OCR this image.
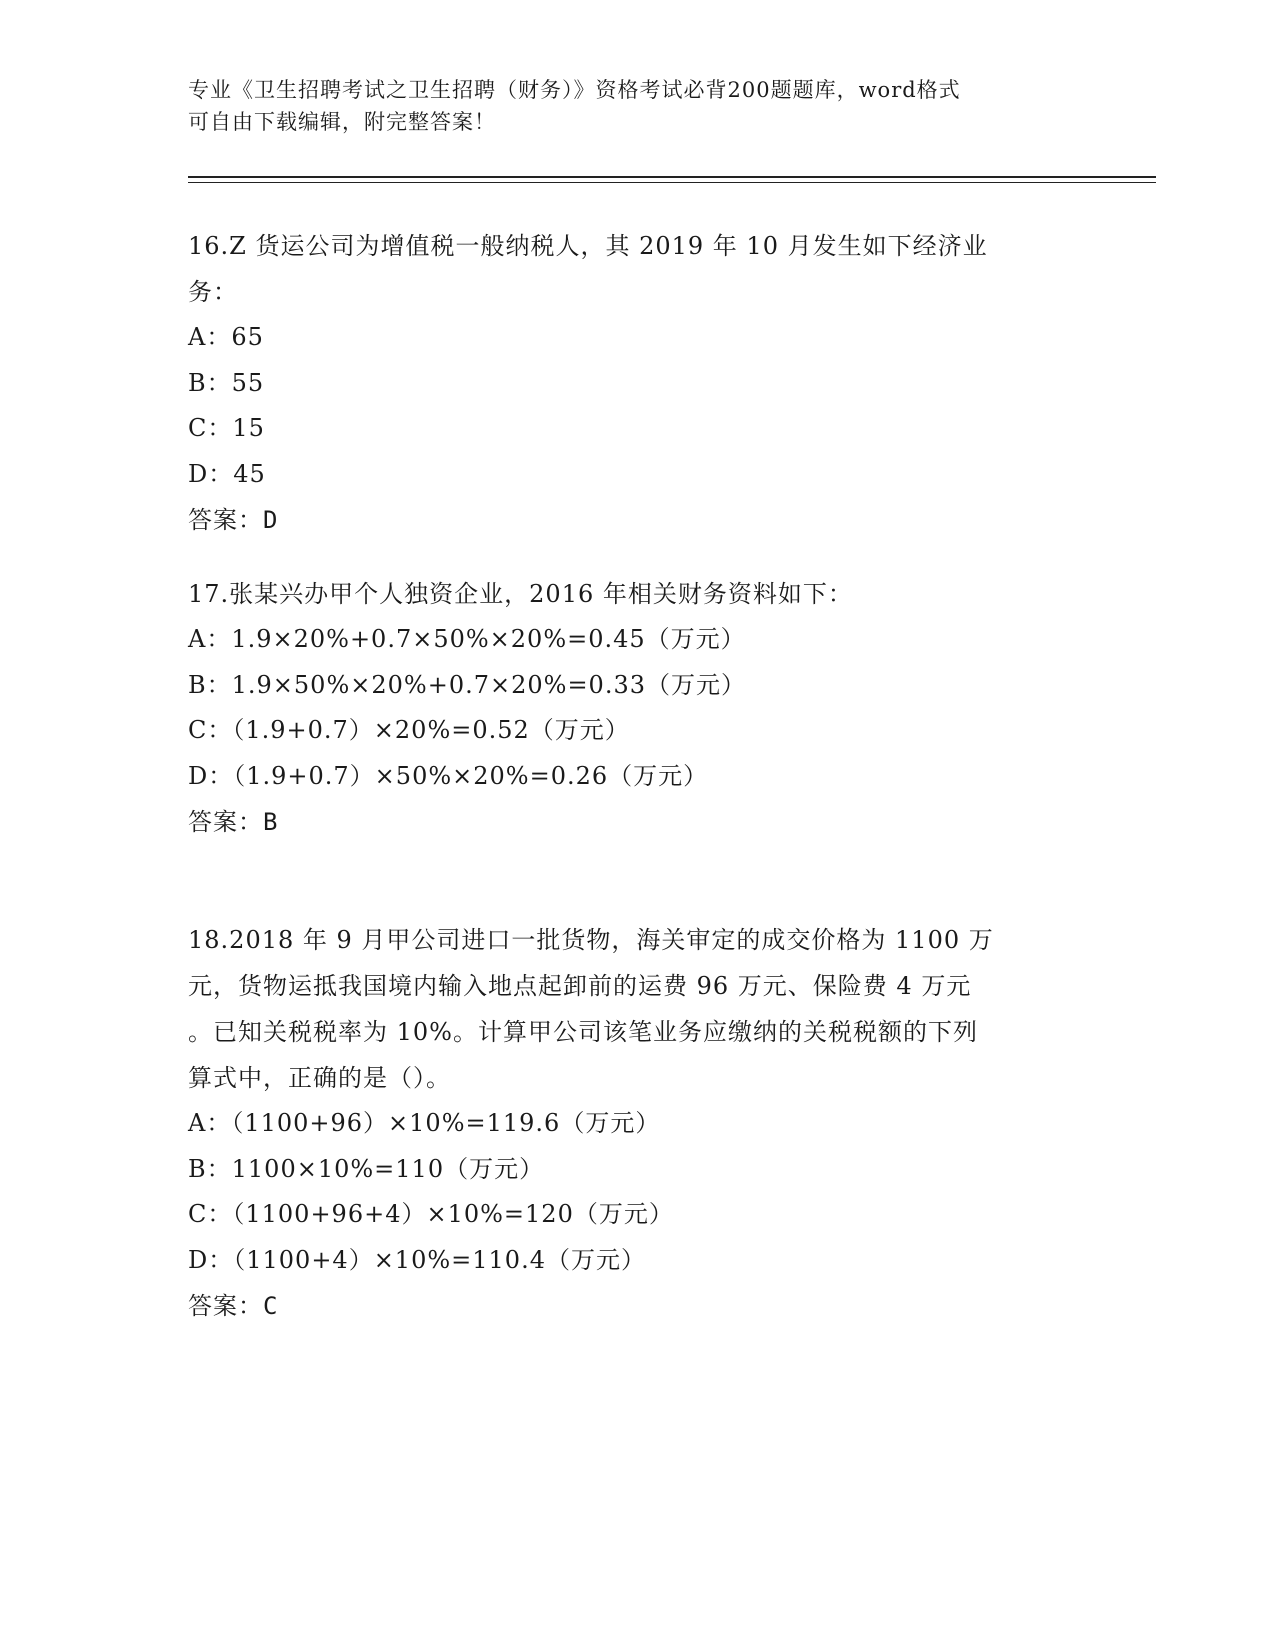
专业《卫生招聘考试之卫生招聘（财务）》资格考试必背200题题库，word格式
可自由下载编辑，附完整答案！

16.Z 货运公司为增值税一般纳税人，其 2019 年 10 月发生如下经济业

务：

A：65

B：55

C：15

D：45

答案：D

17.张某兴办甲个人独资企业，2016 年相关财务资料如下：

A：1.9×20%+0.7×50%×20%=0.45（万元）

B：1.9×50%×20%+0.7×20%=0.33（万元）

C：（1.9+0.7）×20%=0.52（万元）

D：（1.9+0.7）×50%×20%=0.26（万元）

答案：B

18.2018 年 9 月甲公司进口一批货物，海关审定的成交价格为 1100 万

元，货物运抵我国境内输入地点起卸前的运费 96 万元、保险费 4 万元

。已知关税税率为 10%。计算甲公司该笔业务应缴纳的关税税额的下列

算式中，正确的是（）。

A：（1100+96）×10%=119.6（万元）

B：1100×10%=110（万元）

C：（1100+96+4）×10%=120（万元）

D：（1100+4）×10%=110.4（万元）

答案：C
